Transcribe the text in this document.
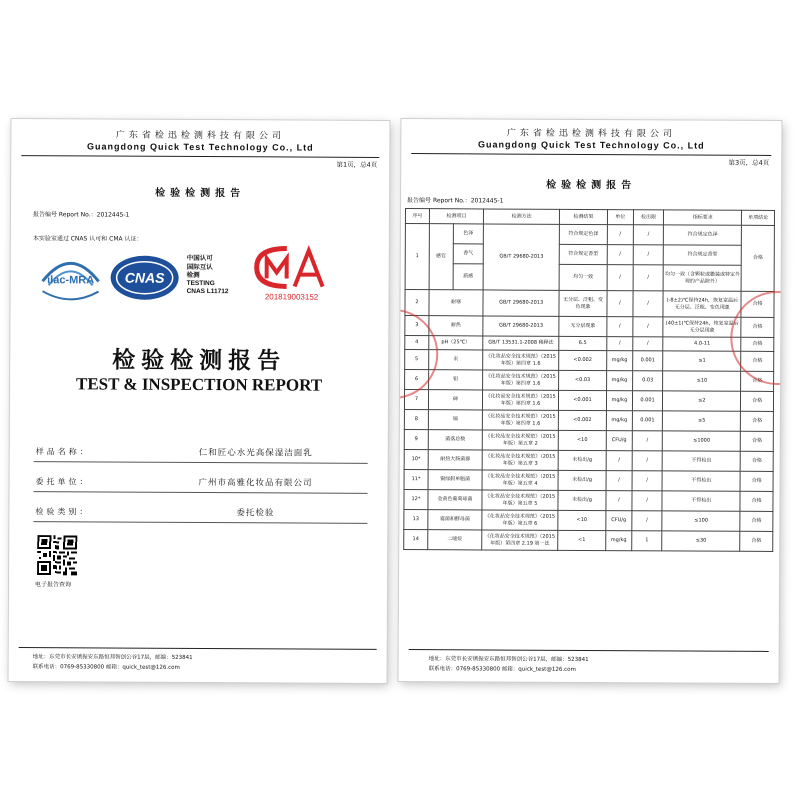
广东省检迅检测科技有限公司
Guangdong Quick Test Technology Co., Ltd
第1页，总4页
检验检测报告
报告编号 Report No.：2012445-1
本实验室通过 CNAS 认可和 CMA 认证：
ilac-MRA CNAS
中国认可
国际互认
检测
TESTING
CNAS L11712
201819003152
检验检测报告
TEST & INSPECTION REPORT
样品名称：	仁和匠心水光高保湿洁面乳
委托单位：	广州市高雅化妆品有限公司
检验类别：	委托检验
电子报告查询
地址：东莞市长安镇振安东路恒邦智创公谷17层，邮编：523841
联系电话：0769-85330800 邮箱：quick_test@126.com
广东省检迅检测科技有限公司
Guangdong Quick Test Technology Co., Ltd
第3页，总4页
检验检测报告
报告编号 Report No.：2012445-1
序号	检测项目		检测方法	检测结果	单位	检出限	指标要求	单项结论
1	感官	色泽	GB/T 29680-2013	符合规定色泽	/	/	符合规定色泽	合格
		香气		符合规定香型	/	/	符合规定香型	
		质感		均匀一致	/	/	均匀一致（含颗粒或臌装或特定外观的产品除外）	
2	耐寒		GB/T 29680-2013	无分层、泛粗、变色现象	/	/	(-8±2)℃保持24h，恢复室温后无分层、泛粗、变色现象	合格
3	耐热		GB/T 29680-2013	无分层现象	/	/	(40±1)℃保持24h，恢复室温后无分层现象	合格
4	pH（25℃）		GB/T 13531.1-2008 稀释法	6.5	/	/	4.0-11	合格
5	汞		《化妆品安全技术规范》（2015年版）第四章 1.6	<0.002	mg/kg	0.001	≤1	合格
6	铅		《化妆品安全技术规范》（2015年版）第四章 1.6	<0.03	mg/kg	0.03	≤10	合格
7	砷		《化妆品安全技术规范》（2015年版）第四章 1.6	<0.001	mg/kg	0.001	≤2	合格
8	镉		《化妆品安全技术规范》（2015年版）第四章 1.6	<0.002	mg/kg	0.001	≤5	合格
9	菌落总数		《化妆品安全技术规范》（2015年版）第五章 2	<10	CFU/g	/	≤1000	合格
10*	耐热大肠菌群		《化妆品安全技术规范》（2015年版）第五章 3	未检出/g	/	/	不得检出	合格
11*	铜绿假单胞菌		《化妆品安全技术规范》（2015年版）第五章 4	未检出/g	/	/	不得检出	合格
12*	金黄色葡萄球菌		《化妆品安全技术规范》（2015年版）第五章 5	未检出/g	/	/	不得检出	合格
13	霉菌和酵母菌		《化妆品安全技术规范》（2015年版）第五章 6	<10	CFU/g	/	≤100	合格
14	二噁烷		《化妆品安全技术规范》（2015年版）第四章 2.19 第一法	<1	mg/kg	1	≤30	合格
地址：东莞市长安镇振安东路恒邦智创公谷17层，邮编：523841
联系电话：0769-85330800 邮箱：quick_test@126.com
